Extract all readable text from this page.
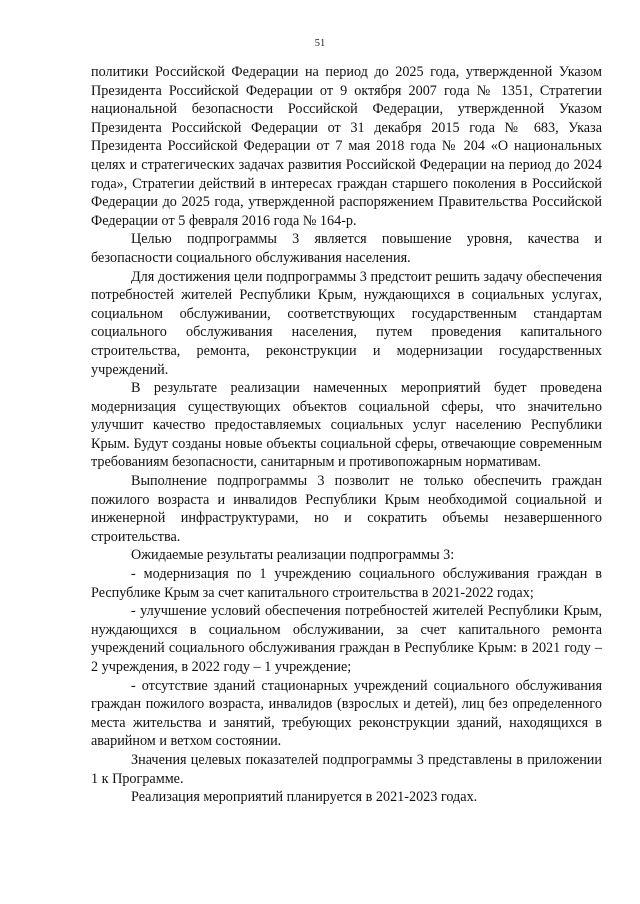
51

политики Российской Федерации на период до 2025 года, утвержденной Указом Президента Российской Федерации от 9 октября 2007 года № 1351, Стратегии национальной безопасности Российской Федерации, утвержденной Указом Президента Российской Федерации от 31 декабря 2015 года № 683, Указа Президента Российской Федерации от 7 мая 2018 года № 204 «О национальных целях и стратегических задачах развития Российской Федерации на период до 2024 года», Стратегии действий в интересах граждан старшего поколения в Российской Федерации до 2025 года, утвержденной распоряжением Правительства Российской Федерации от 5 февраля 2016 года № 164-р.

Целью подпрограммы 3 является повышение уровня, качества и безопасности социального обслуживания населения.

Для достижения цели подпрограммы 3 предстоит решить задачу обеспечения потребностей жителей Республики Крым, нуждающихся в социальных услугах, социальном обслуживании, соответствующих государственным стандартам социального обслуживания населения, путем проведения капитального строительства, ремонта, реконструкции и модернизации государственных учреждений.

В результате реализации намеченных мероприятий будет проведена модернизация существующих объектов социальной сферы, что значительно улучшит качество предоставляемых социальных услуг населению Республики Крым. Будут созданы новые объекты социальной сферы, отвечающие современным требованиям безопасности, санитарным и противопожарным нормативам.

Выполнение подпрограммы 3 позволит не только обеспечить граждан пожилого возраста и инвалидов Республики Крым необходимой социальной и инженерной инфраструктурами, но и сократить объемы незавершенного строительства.

Ожидаемые результаты реализации подпрограммы 3:

- модернизация по 1 учреждению социального обслуживания граждан в Республике Крым за счет капитального строительства в 2021-2022 годах;

- улучшение условий обеспечения потребностей жителей Республики Крым, нуждающихся в социальном обслуживании, за счет капитального ремонта учреждений социального обслуживания граждан в Республике Крым: в 2021 году – 2 учреждения, в 2022 году – 1 учреждение;

- отсутствие зданий стационарных учреждений социального обслуживания граждан пожилого возраста, инвалидов (взрослых и детей), лиц без определенного места жительства и занятий, требующих реконструкции зданий, находящихся в аварийном и ветхом состоянии.

Значения целевых показателей подпрограммы 3 представлены в приложении 1 к Программе.

Реализация мероприятий планируется в 2021-2023 годах.
